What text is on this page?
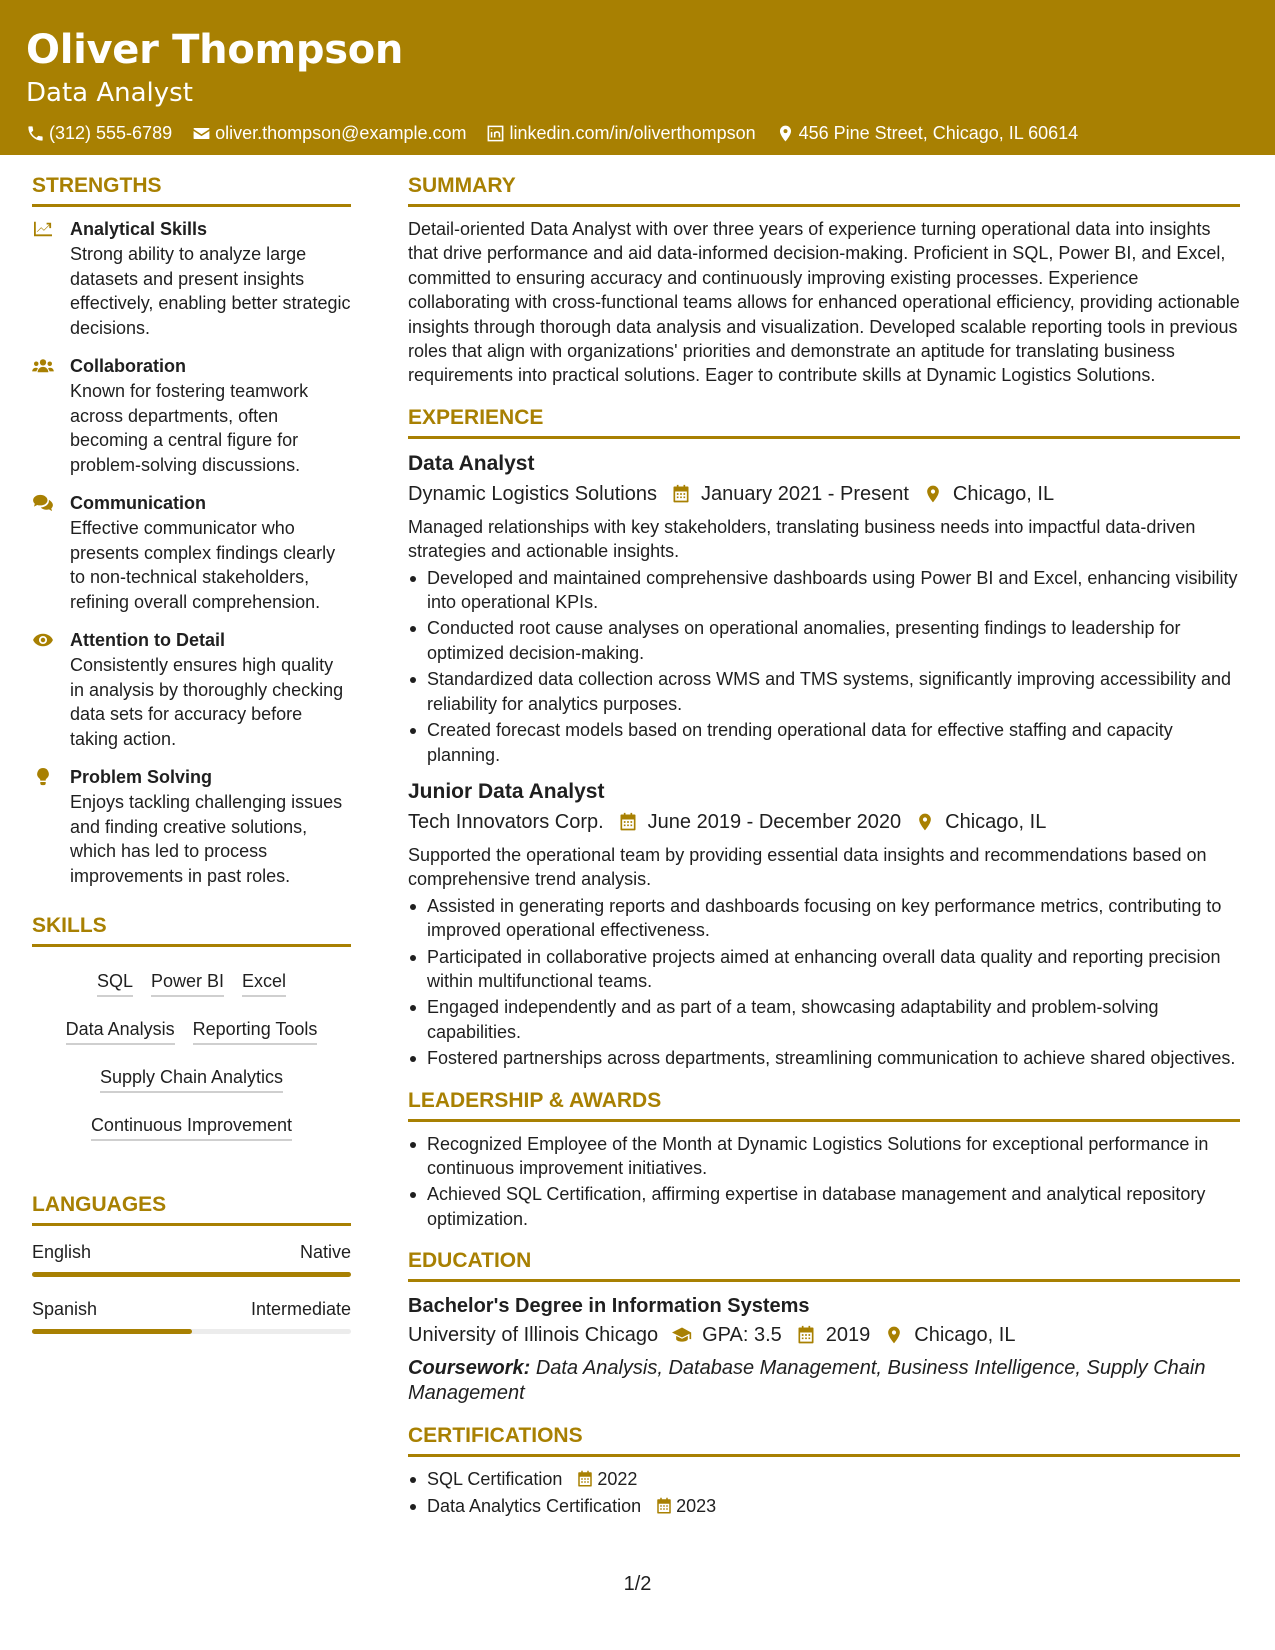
Oliver Thompson
Data Analyst
(312) 555-6789 oliver.thompson@example.com linkedin.com/in/oliverthompson 456 Pine Street, Chicago, IL 60614
STRENGTHS
Analytical Skills
Strong ability to analyze large datasets and present insights effectively, enabling better strategic decisions.
Collaboration
Known for fostering teamwork across departments, often becoming a central figure for problem-solving discussions.
Communication
Effective communicator who presents complex findings clearly to non-technical stakeholders, refining overall comprehension.
Attention to Detail
Consistently ensures high quality in analysis by thoroughly checking data sets for accuracy before taking action.
Problem Solving
Enjoys tackling challenging issues and finding creative solutions, which has led to process improvements in past roles.
SKILLS
SQL Power BI Excel
Data Analysis Reporting Tools
Supply Chain Analytics
Continuous Improvement
LANGUAGES
English	Native
Spanish	Intermediate
SUMMARY
Detail-oriented Data Analyst with over three years of experience turning operational data into insights that drive performance and aid data-informed decision-making. Proficient in SQL, Power BI, and Excel, committed to ensuring accuracy and continuously improving existing processes. Experience collaborating with cross-functional teams allows for enhanced operational efficiency, providing actionable insights through thorough data analysis and visualization. Developed scalable reporting tools in previous roles that align with organizations' priorities and demonstrate an aptitude for translating business requirements into practical solutions. Eager to contribute skills at Dynamic Logistics Solutions.
EXPERIENCE
Data Analyst
Dynamic Logistics Solutions January 2021 - Present Chicago, IL
Managed relationships with key stakeholders, translating business needs into impactful data-driven strategies and actionable insights.
Developed and maintained comprehensive dashboards using Power BI and Excel, enhancing visibility into operational KPIs.
Conducted root cause analyses on operational anomalies, presenting findings to leadership for optimized decision-making.
Standardized data collection across WMS and TMS systems, significantly improving accessibility and reliability for analytics purposes.
Created forecast models based on trending operational data for effective staffing and capacity planning.
Junior Data Analyst
Tech Innovators Corp. June 2019 - December 2020 Chicago, IL
Supported the operational team by providing essential data insights and recommendations based on comprehensive trend analysis.
Assisted in generating reports and dashboards focusing on key performance metrics, contributing to improved operational effectiveness.
Participated in collaborative projects aimed at enhancing overall data quality and reporting precision within multifunctional teams.
Engaged independently and as part of a team, showcasing adaptability and problem-solving capabilities.
Fostered partnerships across departments, streamlining communication to achieve shared objectives.
LEADERSHIP & AWARDS
Recognized Employee of the Month at Dynamic Logistics Solutions for exceptional performance in continuous improvement initiatives.
Achieved SQL Certification, affirming expertise in database management and analytical repository optimization.
EDUCATION
Bachelor's Degree in Information Systems
University of Illinois Chicago GPA: 3.5 2019 Chicago, IL
Coursework: Data Analysis, Database Management, Business Intelligence, Supply Chain Management
CERTIFICATIONS
SQL Certification 2022
Data Analytics Certification 2023
1/2
